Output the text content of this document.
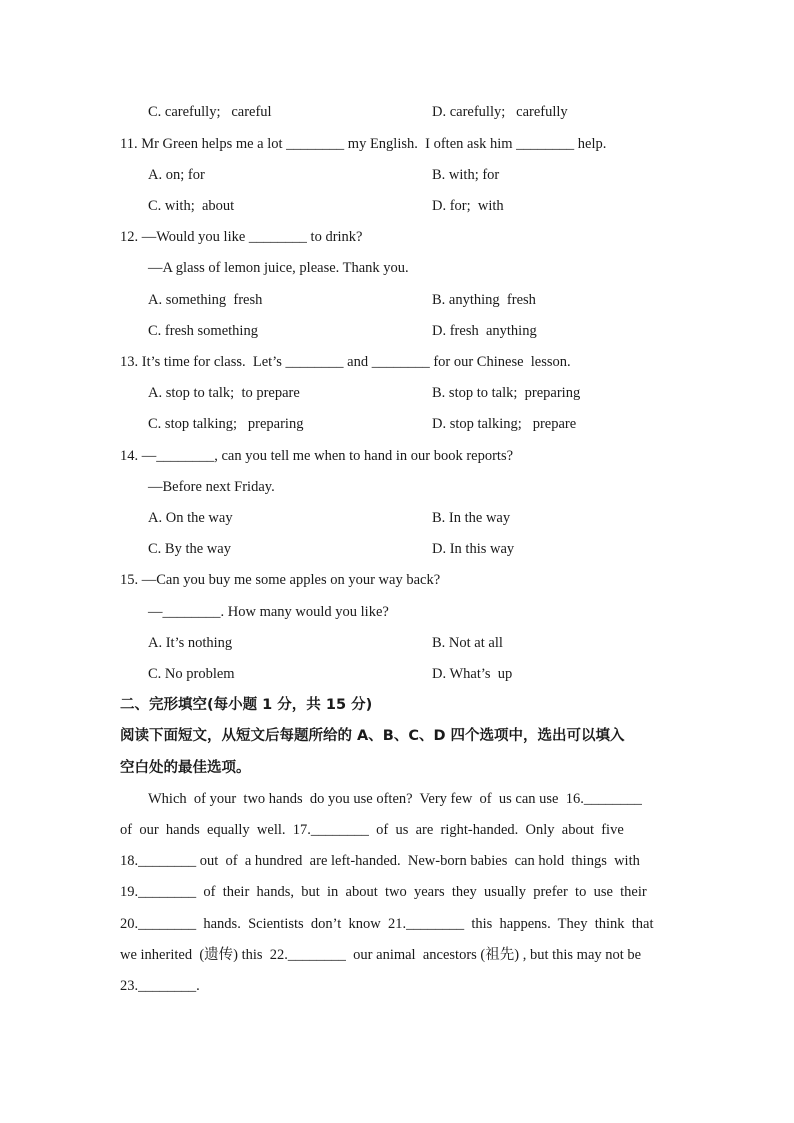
C. carefully;   careful	D. carefully;   carefully
11. Mr Green helps me a lot ________ my English.  I often ask him ________ help.
A. on; for	B. with; for
C. with;  about	D. for;  with
12. —Would you like ________ to drink?
—A glass of lemon juice, please. Thank you.
A. something  fresh	B. anything  fresh
C. fresh something	D. fresh  anything
13. It’s time for class.  Let’s ________ and ________ for our Chinese  lesson.
A. stop to talk;  to prepare	B. stop to talk;  preparing
C. stop talking;   preparing	D. stop talking;   prepare
14. —________, can you tell me when to hand in our book reports?
—Before next Friday.
A. On the way	B. In the way
C. By the way	D. In this way
15. —Can you buy me some apples on your way back?
—________. How many would you like?
A. It’s nothing	B. Not at all
C. No problem	D. What’s  up
二、完形填空(每小题 1 分，共 15 分)
阅读下面短文，从短文后每题所给的 A、B、C、D 四个选项中，选出可以填入
空白处的最佳选项。
Which  of your  two hands  do you use often?  Very few  of  us can use  16.________
of  our  hands  equally  well.  17.________  of  us  are  right-handed.  Only  about  five
18.________ out  of  a hundred  are left-handed.  New-born babies  can hold  things  with
19.________  of  their  hands,  but  in  about  two  years  they  usually  prefer  to  use  their
20.________  hands.  Scientists  don’t  know  21.________  this  happens.  They  think  that
we inherited  (遗传) this  22.________  our animal  ancestors (祖先) , but this may not be
23.________.
